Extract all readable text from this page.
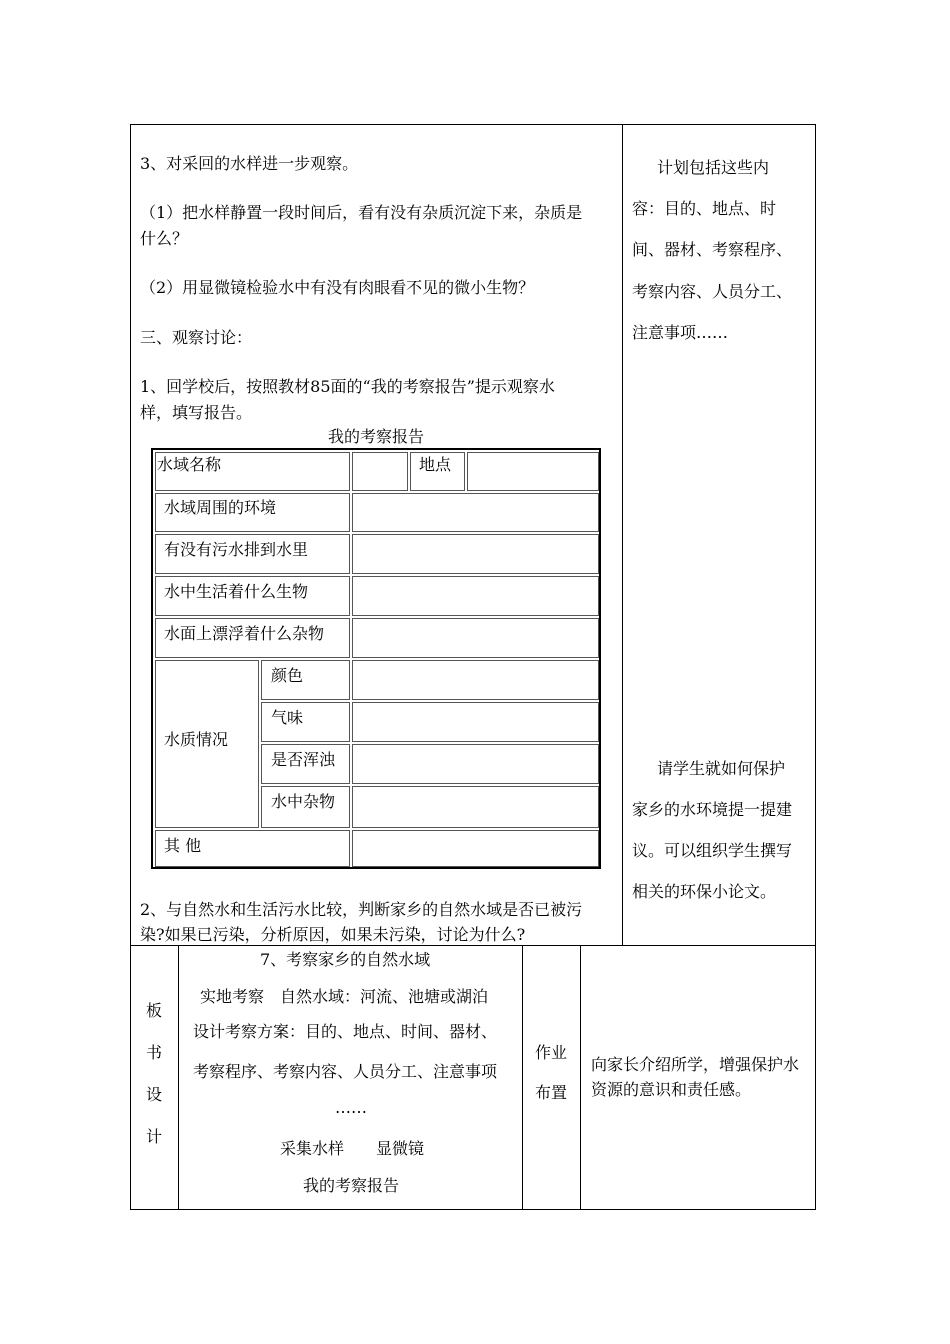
3、对采回的水样进一步观察。
（1）把水样静置一段时间后，看有没有杂质沉淀下来，杂质是
什么？
（2）用显微镜检验水中有没有肉眼看不见的微小生物？
三、观察讨论：
1、回学校后，按照教材85面的“我的考察报告”提示观察水
样，填写报告。
我的考察报告
水域名称	地点
水域周围的环境
有没有污水排到水里
水中生活着什么生物
水面上漂浮着什么杂物
水质情况
颜色
气味
是否浑浊
水中杂物
其 他
2、与自然水和生活污水比较，判断家乡的自然水域是否已被污
染?如果已污染，分析原因，如果未污染，讨论为什么?
计划包括这些内
容：目的、地点、时
间、器材、考察程序、
考察内容、人员分工、
注意事项……
请学生就如何保护
家乡的水环境提一提建
议。可以组织学生撰写
相关的环保小论文。
板
书
设
计
7、考察家乡的自然水域
实地考察　自然水域：河流、池塘或湖泊
设计考察方案：目的、地点、时间、器材、
考察程序、考察内容、人员分工、注意事项
……
采集水样　　显微镜
我的考察报告
作业
布置
向家长介绍所学，增强保护水
资源的意识和责任感。
